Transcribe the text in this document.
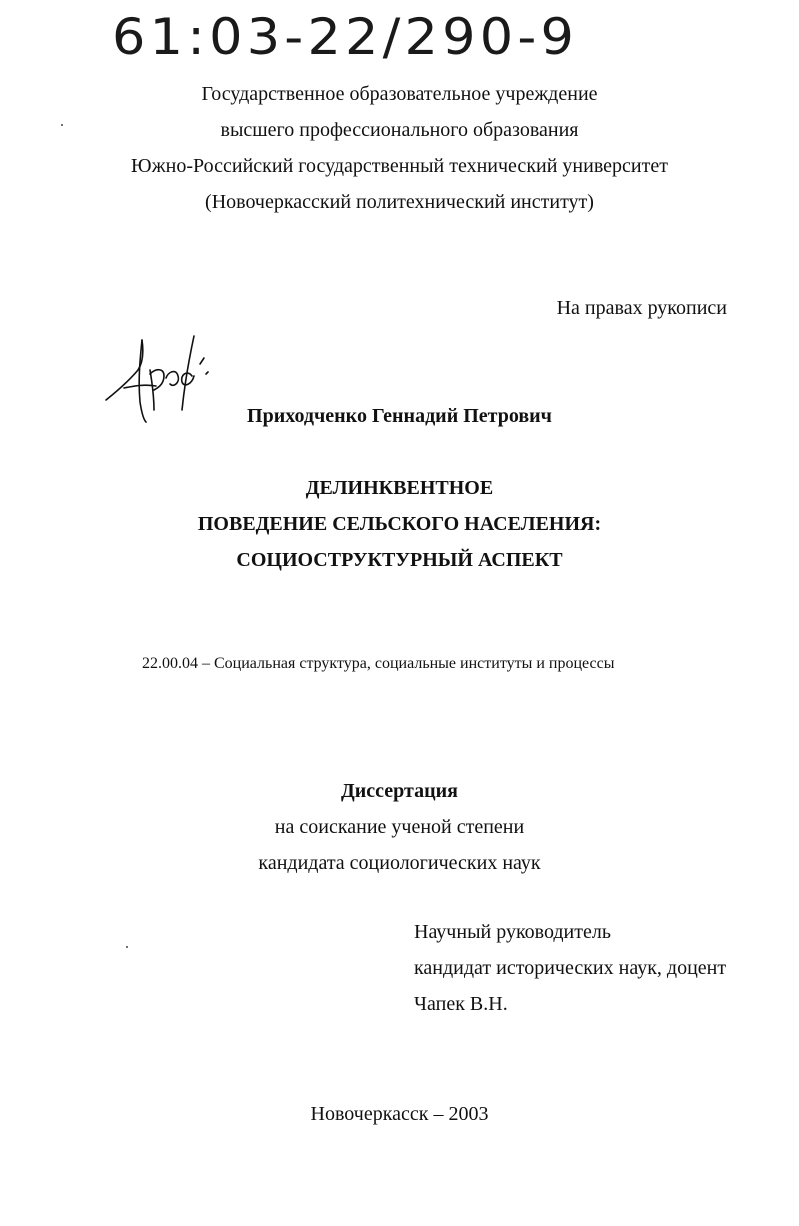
61:03-22/290-9
Государственное образовательное учреждение
высшего профессионального образования
Южно-Российский государственный технический университет
(Новочеркасский политехнический институт)
На правах рукописи
Приходченко Геннадий Петрович
ДЕЛИНКВЕНТНОЕ
ПОВЕДЕНИЕ СЕЛЬСКОГО НАСЕЛЕНИЯ:
СОЦИОСТРУКТУРНЫЙ АСПЕКТ
22.00.04 – Социальная структура, социальные институты и процессы
Диссертация
на соискание ученой степени
кандидата социологических наук
Научный руководитель
кандидат исторических наук, доцент
Чапек В.Н.
Новочеркасск – 2003
